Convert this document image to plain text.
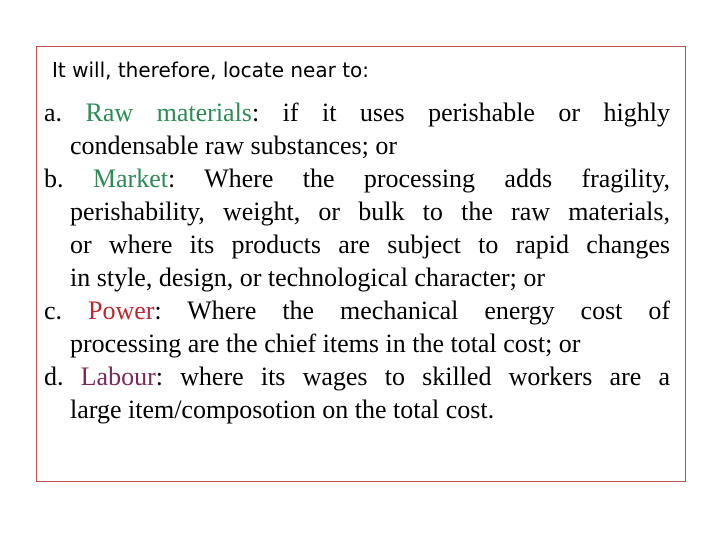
It will, therefore, locate near to:
a. Raw materials: if it uses perishable or highly
condensable raw substances; or
b. Market: Where the processing adds fragility,
perishability, weight, or bulk to the raw materials,
or where its products are subject to rapid changes
in style, design, or technological character; or
c. Power: Where the mechanical energy cost of
processing are the chief items in the total cost; or
d. Labour: where its wages to skilled workers are a
large item/composotion on the total cost.
